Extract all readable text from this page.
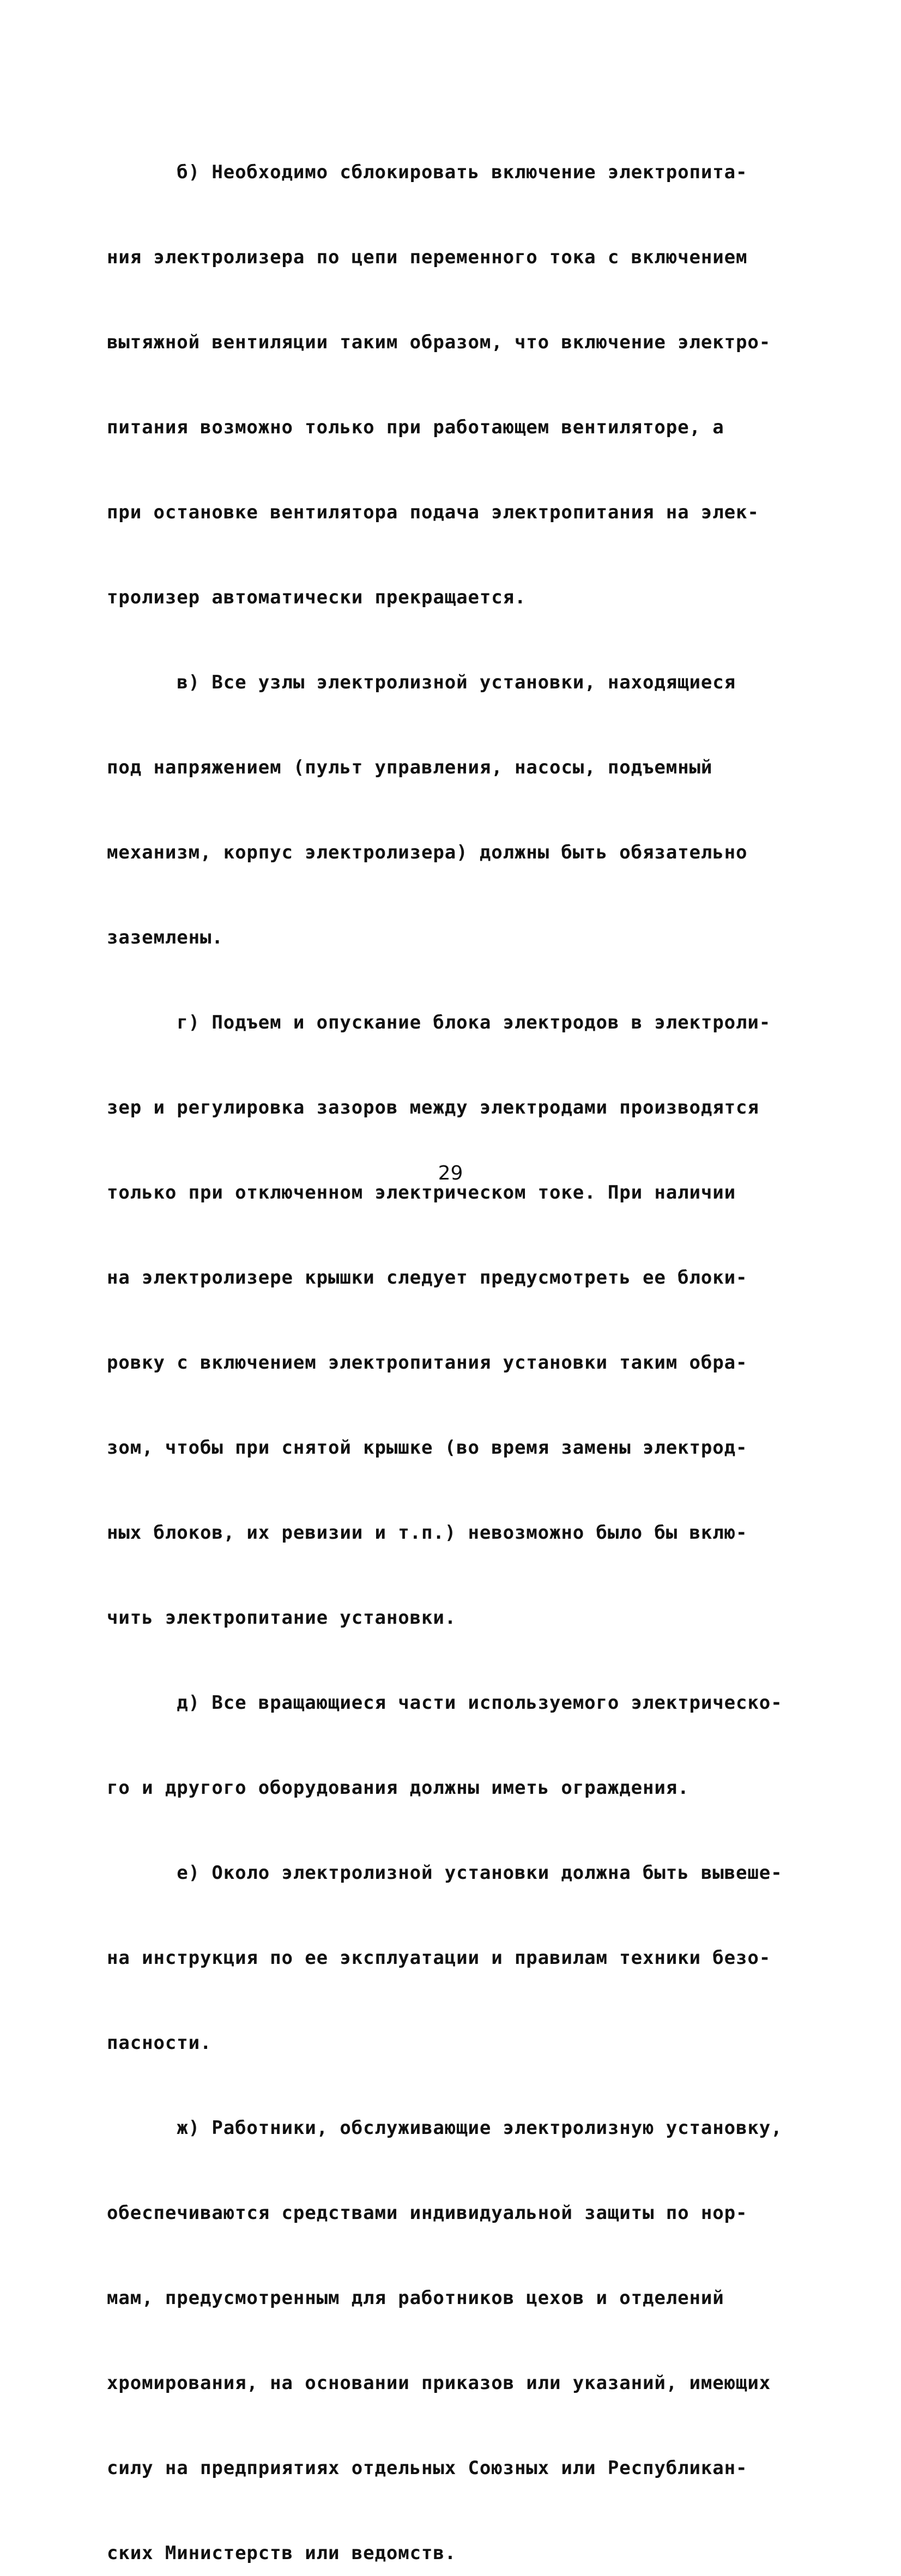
б) Необходимо сблокировать включение электропита-

ния электролизера по цепи переменного тока с включением

вытяжной вентиляции таким образом, что включение электро-

питания возможно только при работающем вентиляторе, а

при остановке вентилятора подача электропитания на элек-

тролизер автоматически прекращается.

в) Все узлы электролизной установки, находящиеся

под напряжением (пульт управления, насосы, подъемный

механизм, корпус электролизера) должны быть обязательно

заземлены.

г) Подъем и опускание блока электродов в электроли-

зер и регулировка зазоров между электродами производятся

только при отключенном электрическом токе. При наличии

на электролизере крышки следует предусмотреть ее блоки-

ровку с включением электропитания установки таким обра-

зом, чтобы при снятой крышке (во время замены электрод-

ных блоков, их ревизии и т.п.) невозможно было бы вклю-

чить электропитание установки.

д) Все вращающиеся части используемого электрическо-

го и другого оборудования должны иметь ограждения.

е) Около электролизной установки должна быть вывеше-

на инструкция по ее эксплуатации и правилам техники безо-

пасности.

ж) Работники, обслуживающие электролизную установку,

обеспечиваются средствами индивидуальной защиты по нор-

мам, предусмотренным для работников цехов и отделений

хромирования, на основании приказов или указаний, имеющих

силу на предприятиях отдельных Союзных или Республикан-

ских Министерств или ведомств.

29
